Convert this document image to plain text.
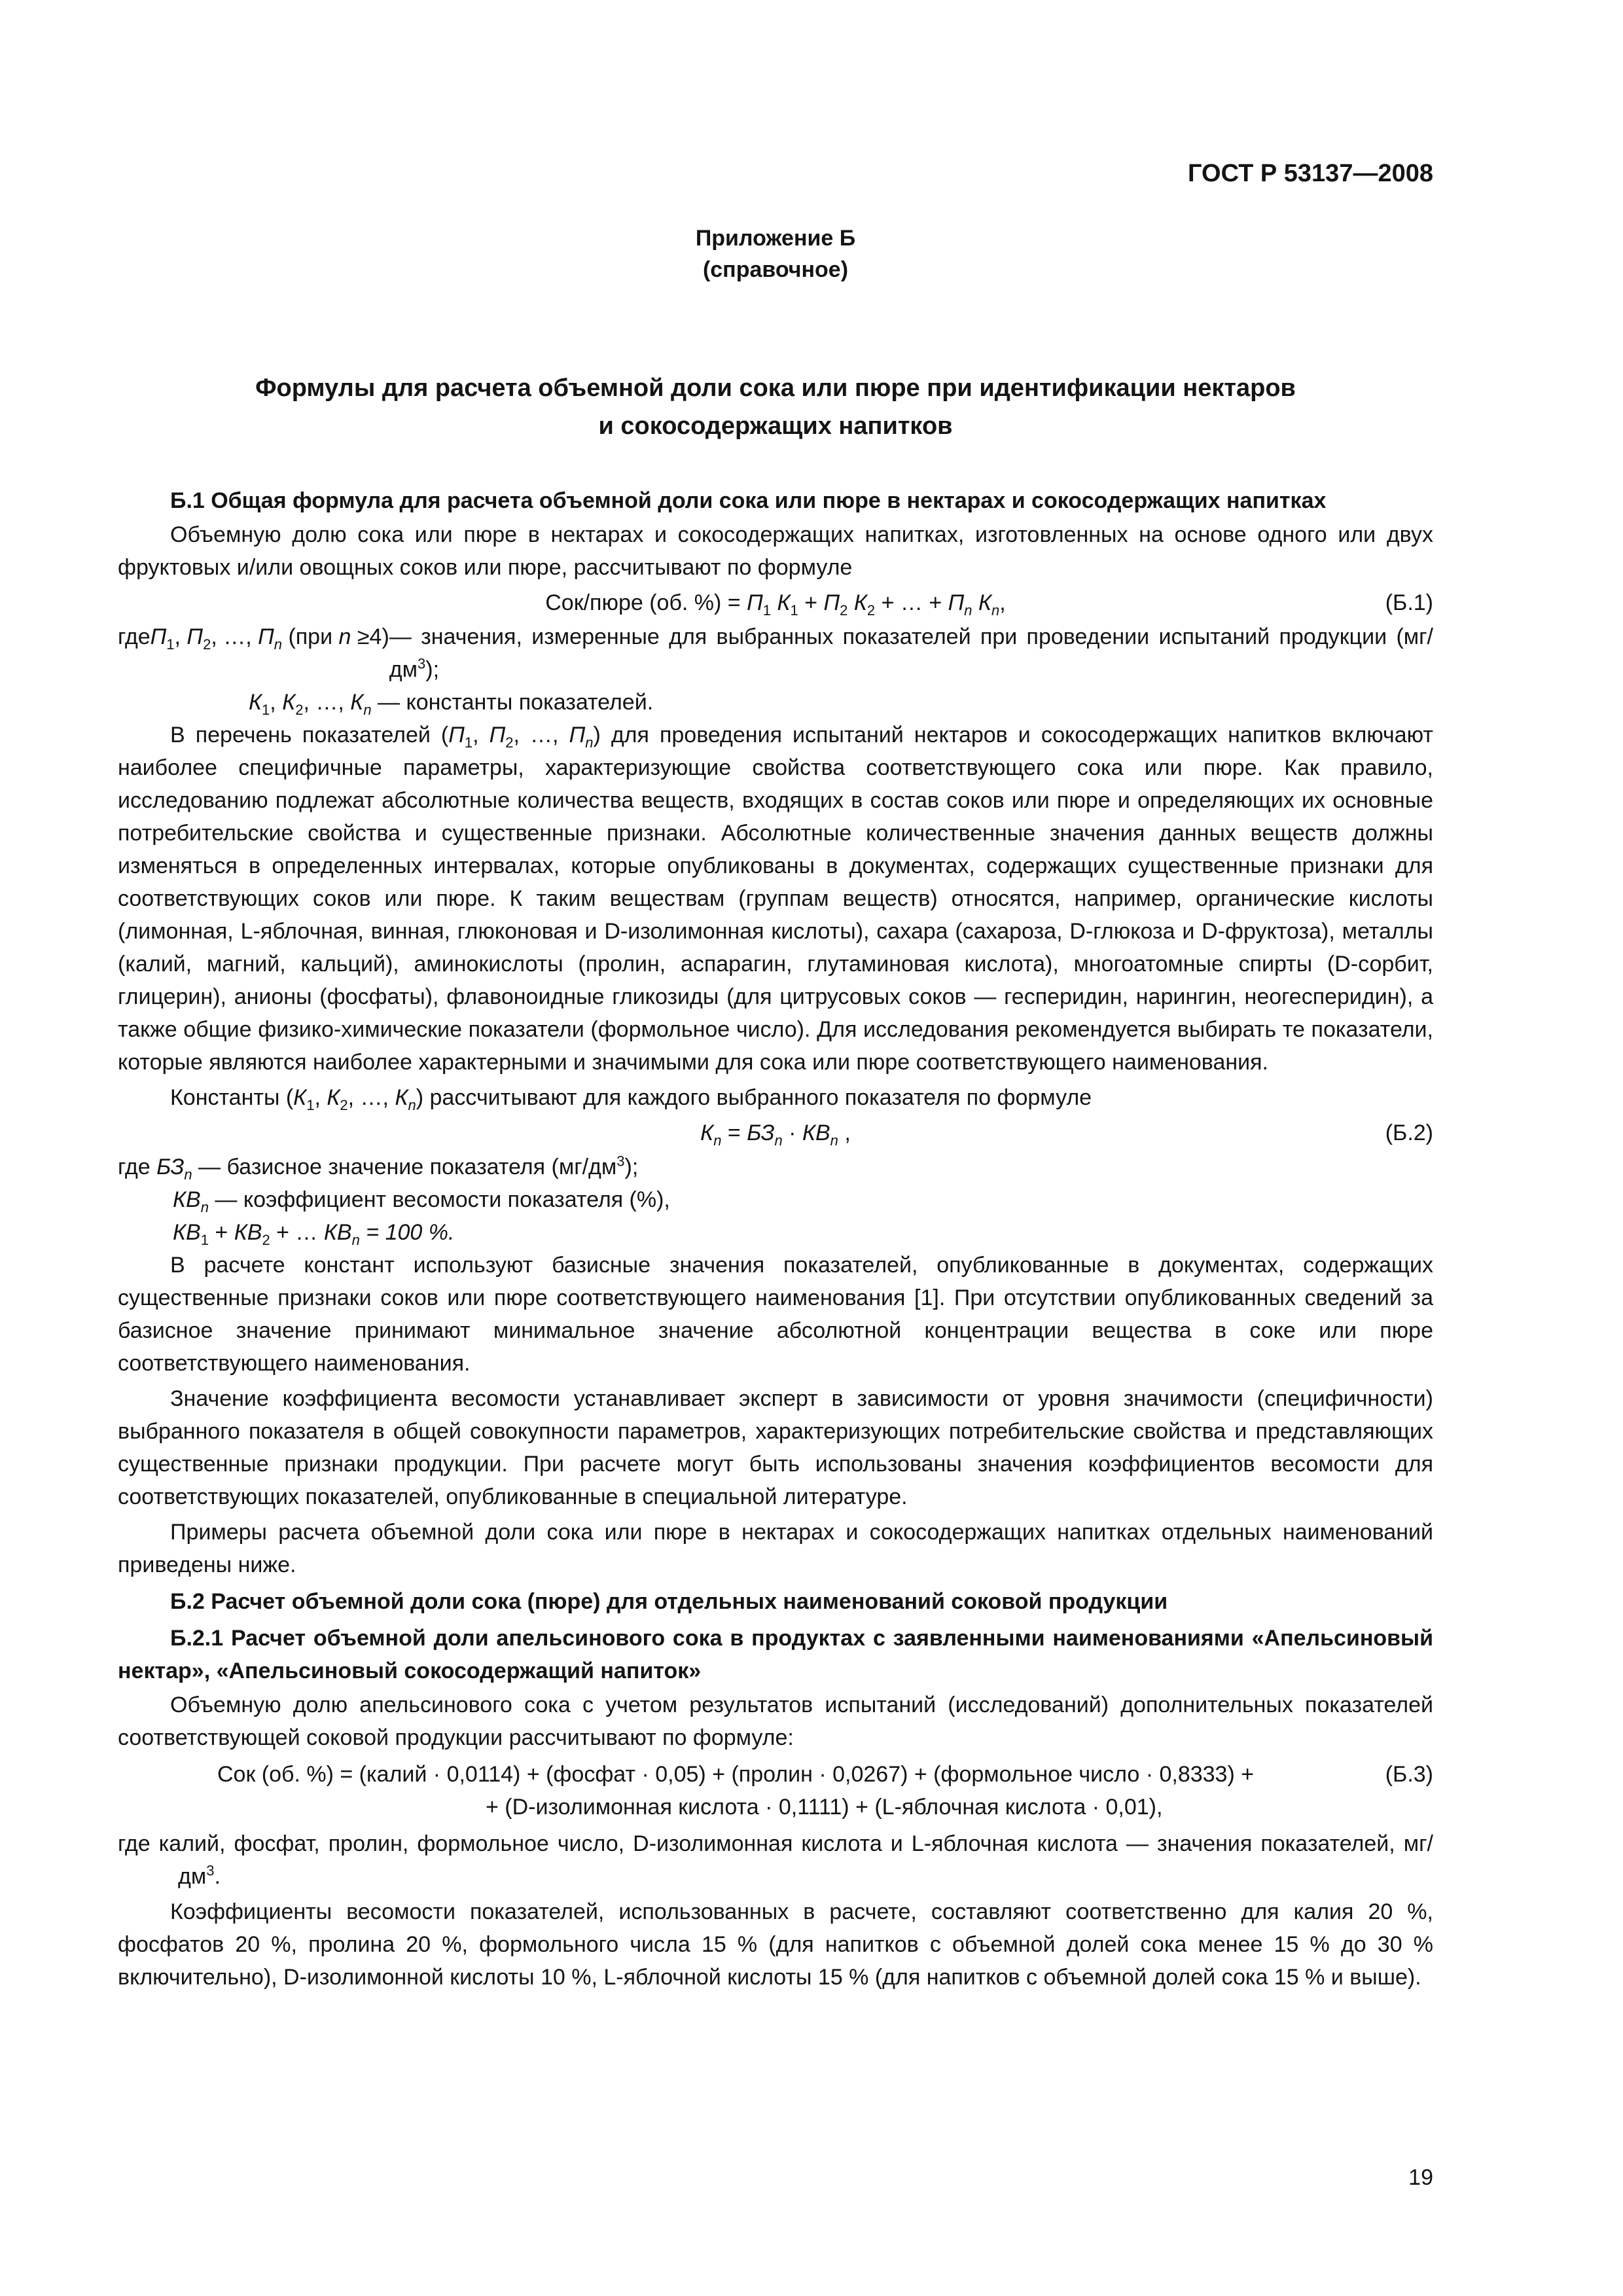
ГОСТ Р 53137—2008
Приложение Б
(справочное)
Формулы для расчета объемной доли сока или пюре при идентификации нектаров
и сокосодержащих напитков

Б.1 Общая формула для расчета объемной доли сока или пюре в нектарах и сокосодержащих напитках

Объемную долю сока или пюре в нектарах и сокосодержащих напитках, изготовленных на основе одного или двух фруктовых и/или овощных соков или пюре, рассчитывают по формуле

Сок/пюре (об. %) = $П_1$ $К_1 + П_2$ $К_2$ + … + $П_n$ $К_n$,	(Б.1)
гдеП$_1$, $П_2$, …, $П_n$ (при n ≥4) — значения, измеренные для выбранных показателей при проведении испытаний продукции $(мг/дм^3)$;
$К_1$, $К_2$, …, $К_n$ — константы показателей.

В перечень показателей ($П_1$, $П_2$, …, $П_n$) для проведения испытаний нектаров и сокосодержащих напитков включают наиболее специфичные параметры, характеризующие свойства соответствующего сока или пюре. Как правило, исследованию подлежат абсолютные количества веществ, входящих в состав соков или пюре и определяющих их основные потребительские свойства и существенные признаки. Абсолютные количественные значения данных веществ должны изменяться в определенных интервалах, которые опубликованы в документах, содержащих существенные признаки для соответствующих соков или пюре. К таким веществам (группам веществ) относятся, например, органические кислоты (лимонная, L-яблочная, винная, глюконовая и D-изолимонная кислоты), сахара (сахароза, D-глюкоза и D-фруктоза), металлы (калий, магний, кальций), аминокислоты (пролин, аспарагин, глутаминовая кислота), многоатомные спирты (D-сорбит, глицерин), анионы (фосфаты), флавоноидные гликозиды (для цитрусовых соков — гесперидин, нарингин, неогесперидин), а также общие физико-химические показатели (формольное число). Для исследования рекомендуется выбирать те показатели, которые являются наиболее характерными и значимыми для сока или пюре соответствующего наименования.

Константы ($К_1$, $К_2$, …, $К_n$) рассчитывают для каждого выбранного показателя по формуле

$К_n = БЗ_n \cdot КВ_n$ ,	(Б.2)
где $БЗ_n$ — базисное значение показателя $(мг/дм^3)$;
$КВ_n$ — коэффициент весомости показателя (%),
$КВ_1 + КВ_2$ + … $КВ_n = 100$ %.

В расчете констант используют базисные значения показателей, опубликованные в документах, содержащих существенные признаки соков или пюре соответствующего наименования [1]. При отсутствии опубликованных сведений за базисное значение принимают минимальное значение абсолютной концентрации вещества в соке или пюре соответствующего наименования.

Значение коэффициента весомости устанавливает эксперт в зависимости от уровня значимости (специфичности) выбранного показателя в общей совокупности параметров, характеризующих потребительские свойства и представляющих существенные признаки продукции. При расчете могут быть использованы значения коэффициентов весомости для соответствующих показателей, опубликованные в специальной литературе.

Примеры расчета объемной доли сока или пюре в нектарах и сокосодержащих напитках отдельных наименований приведены ниже.

Б.2 Расчет объемной доли сока (пюре) для отдельных наименований соковой продукции

Б.2.1 Расчет объемной доли апельсинового сока в продуктах с заявленными наименованиями «Апельсиновый нектар», «Апельсиновый сокосодержащий напиток»

Объемную долю апельсинового сока с учетом результатов испытаний (исследований) дополнительных показателей соответствующей соковой продукции рассчитывают по формуле:

Сок (об. %) = (калий · 0,0114) + (фосфат · 0,05) + (пролин · 0,0267) + (формольное число · 0,8333) +
+ (D-изолимонная кислота · 0,1111) + (L-яблочная кислота · 0,01),
(Б.3)

где калий, фосфат, пролин, формольное число, D-изолимонная кислота и L-яблочная кислота — значения показателей, $мг/дм^3$.

Коэффициенты весомости показателей, использованных в расчете, составляют соответственно для калия 20 %, фосфатов 20 %, пролина 20 %, формольного числа 15 % (для напитков с объемной долей сока менее 15 % до 30 % включительно), D-изолимонной кислоты 10 %, L-яблочной кислоты 15 % (для напитков с объемной долей сока 15 % и выше).

19
